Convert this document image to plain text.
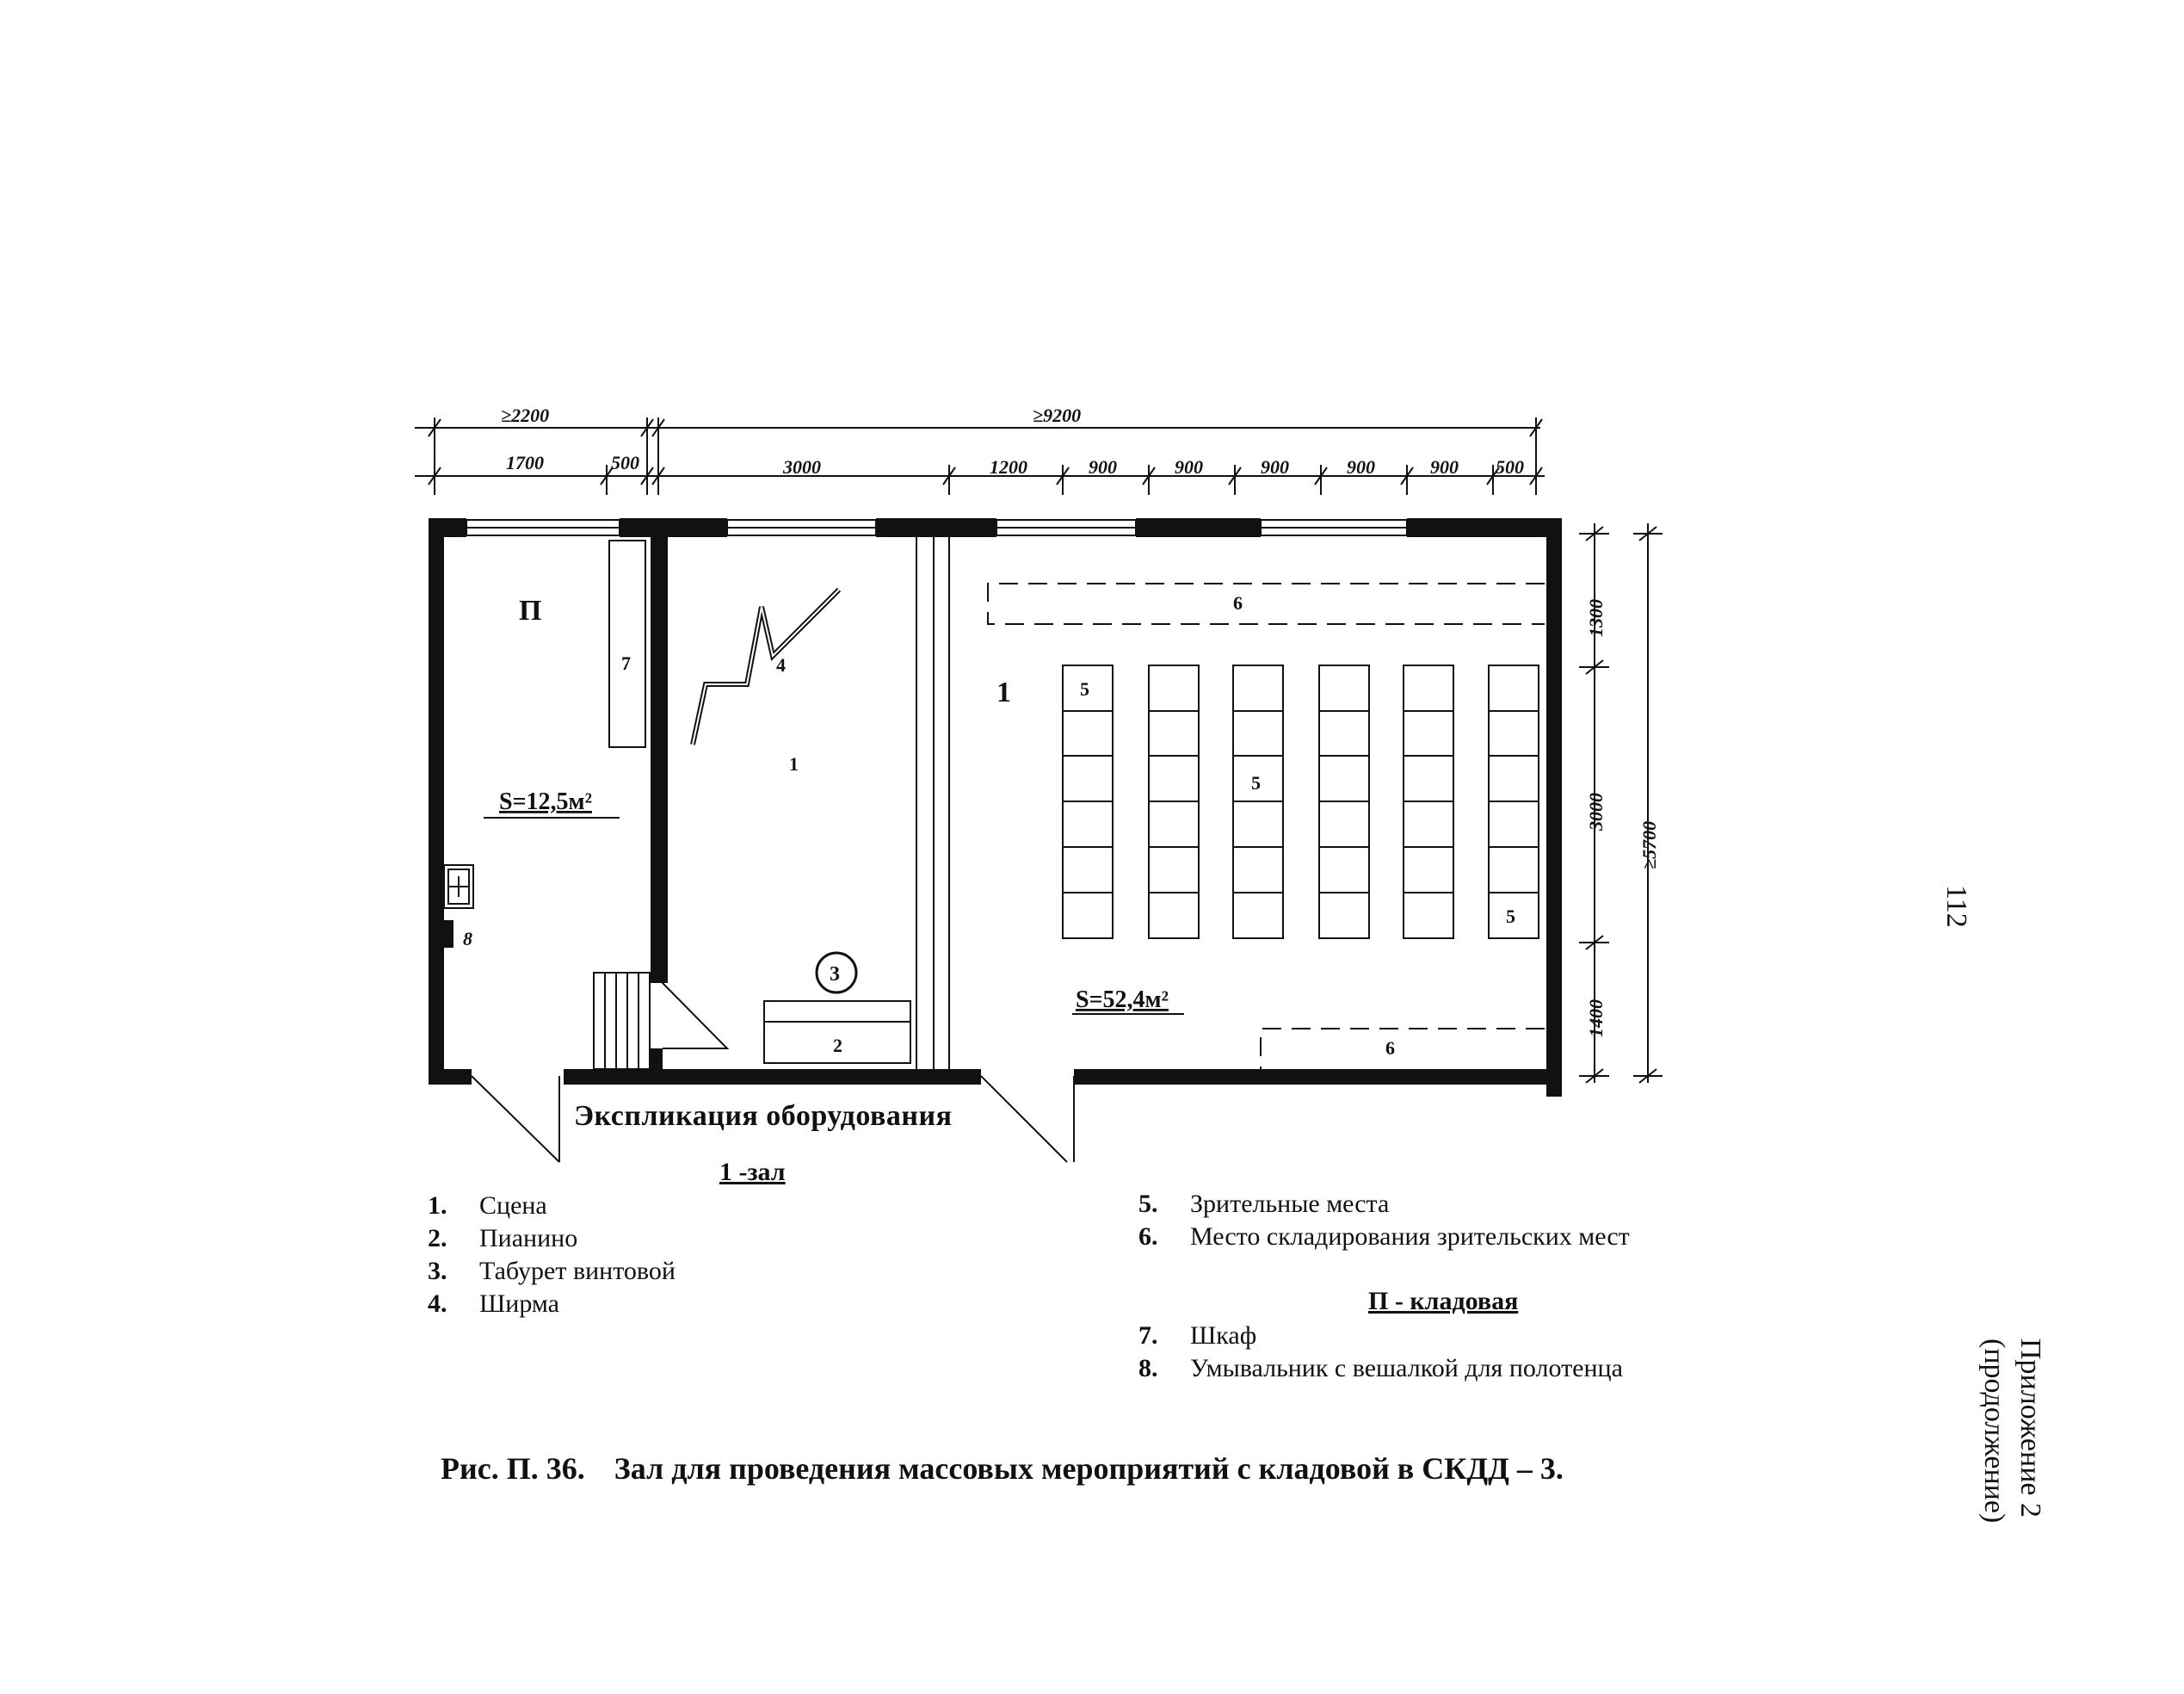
≥2200	≥9200
1700	500	3000	1200	900	900	900	900	900 500
1300
3000
1400
≥5700
7
8
П
S=12,5м²
4
1
3
2
1
S=52,4м²
6
6
5
5
5
Экспликация оборудования
1 -зал
1. Сцена
2. Пианино
3. Табурет винтовой
4. Ширма
5. Зрительные места
6. Место складирования зрительских мест
П - кладовая
7. Шкаф
8. Умывальник с вешалкой для полотенца
Рис. П. 36. Зал для проведения массовых мероприятий с кладовой в СКДД – 3.
112
Приложение 2
(продолжение)
